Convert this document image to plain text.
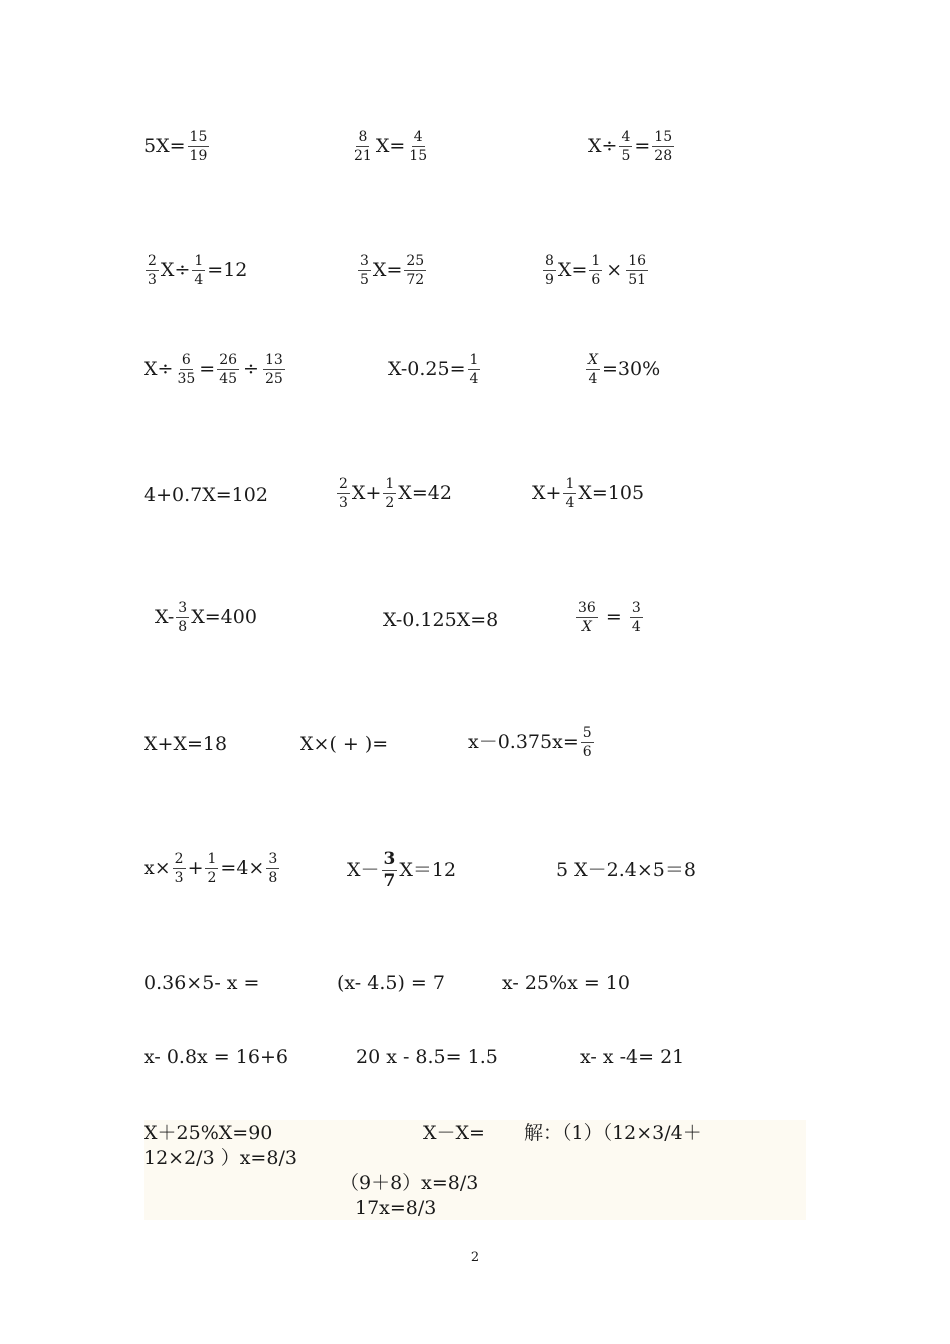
$5X= \frac{15}{19}$	$\frac{8}{21} X= \frac{4}{15}$	$X\div \frac{4}{5} = \frac{15}{28}$
$\frac{2}{3} X\div \frac{1}{4} =12$	$\frac{3}{5} X= \frac{25}{72}$	$\frac{8}{9} X= \frac{1}{6} \times \frac{16}{51}$
$X\div \frac{6}{35} = \frac{26}{45} \div \frac{13}{25}$	$X-0.25= \frac{1}{4}$	$\frac{X}{4} =30\%$
4+0.7X=102	$\frac{2}{3} X+ \frac{1}{2} X=42$	$X+ \frac{1}{4} X=105$
$X- \frac{3}{8} X=400$	X-0.125X=8	$\frac{36}{X} = \frac{3}{4}$
X+X=18	X×( + )=	$x-0.375x= \frac{5}{6}$
$x\times \frac{2}{3} + \frac{1}{2} =4\times \frac{3}{8}$	$X- \frac{3}{7} X=12$	5 X－2.4×5＝8
0.36×5- x =	(x- 4.5) = 7	x- 25%x = 10
x- 0.8x = 16+6	20 x - 8.5= 1.5	x- x -4= 21
X＋25%X=90	X－X= 解：（1）（12×3/4＋
12×2/3 ）x=8/3
（9＋8）x=8/3
17x=8/3
2
